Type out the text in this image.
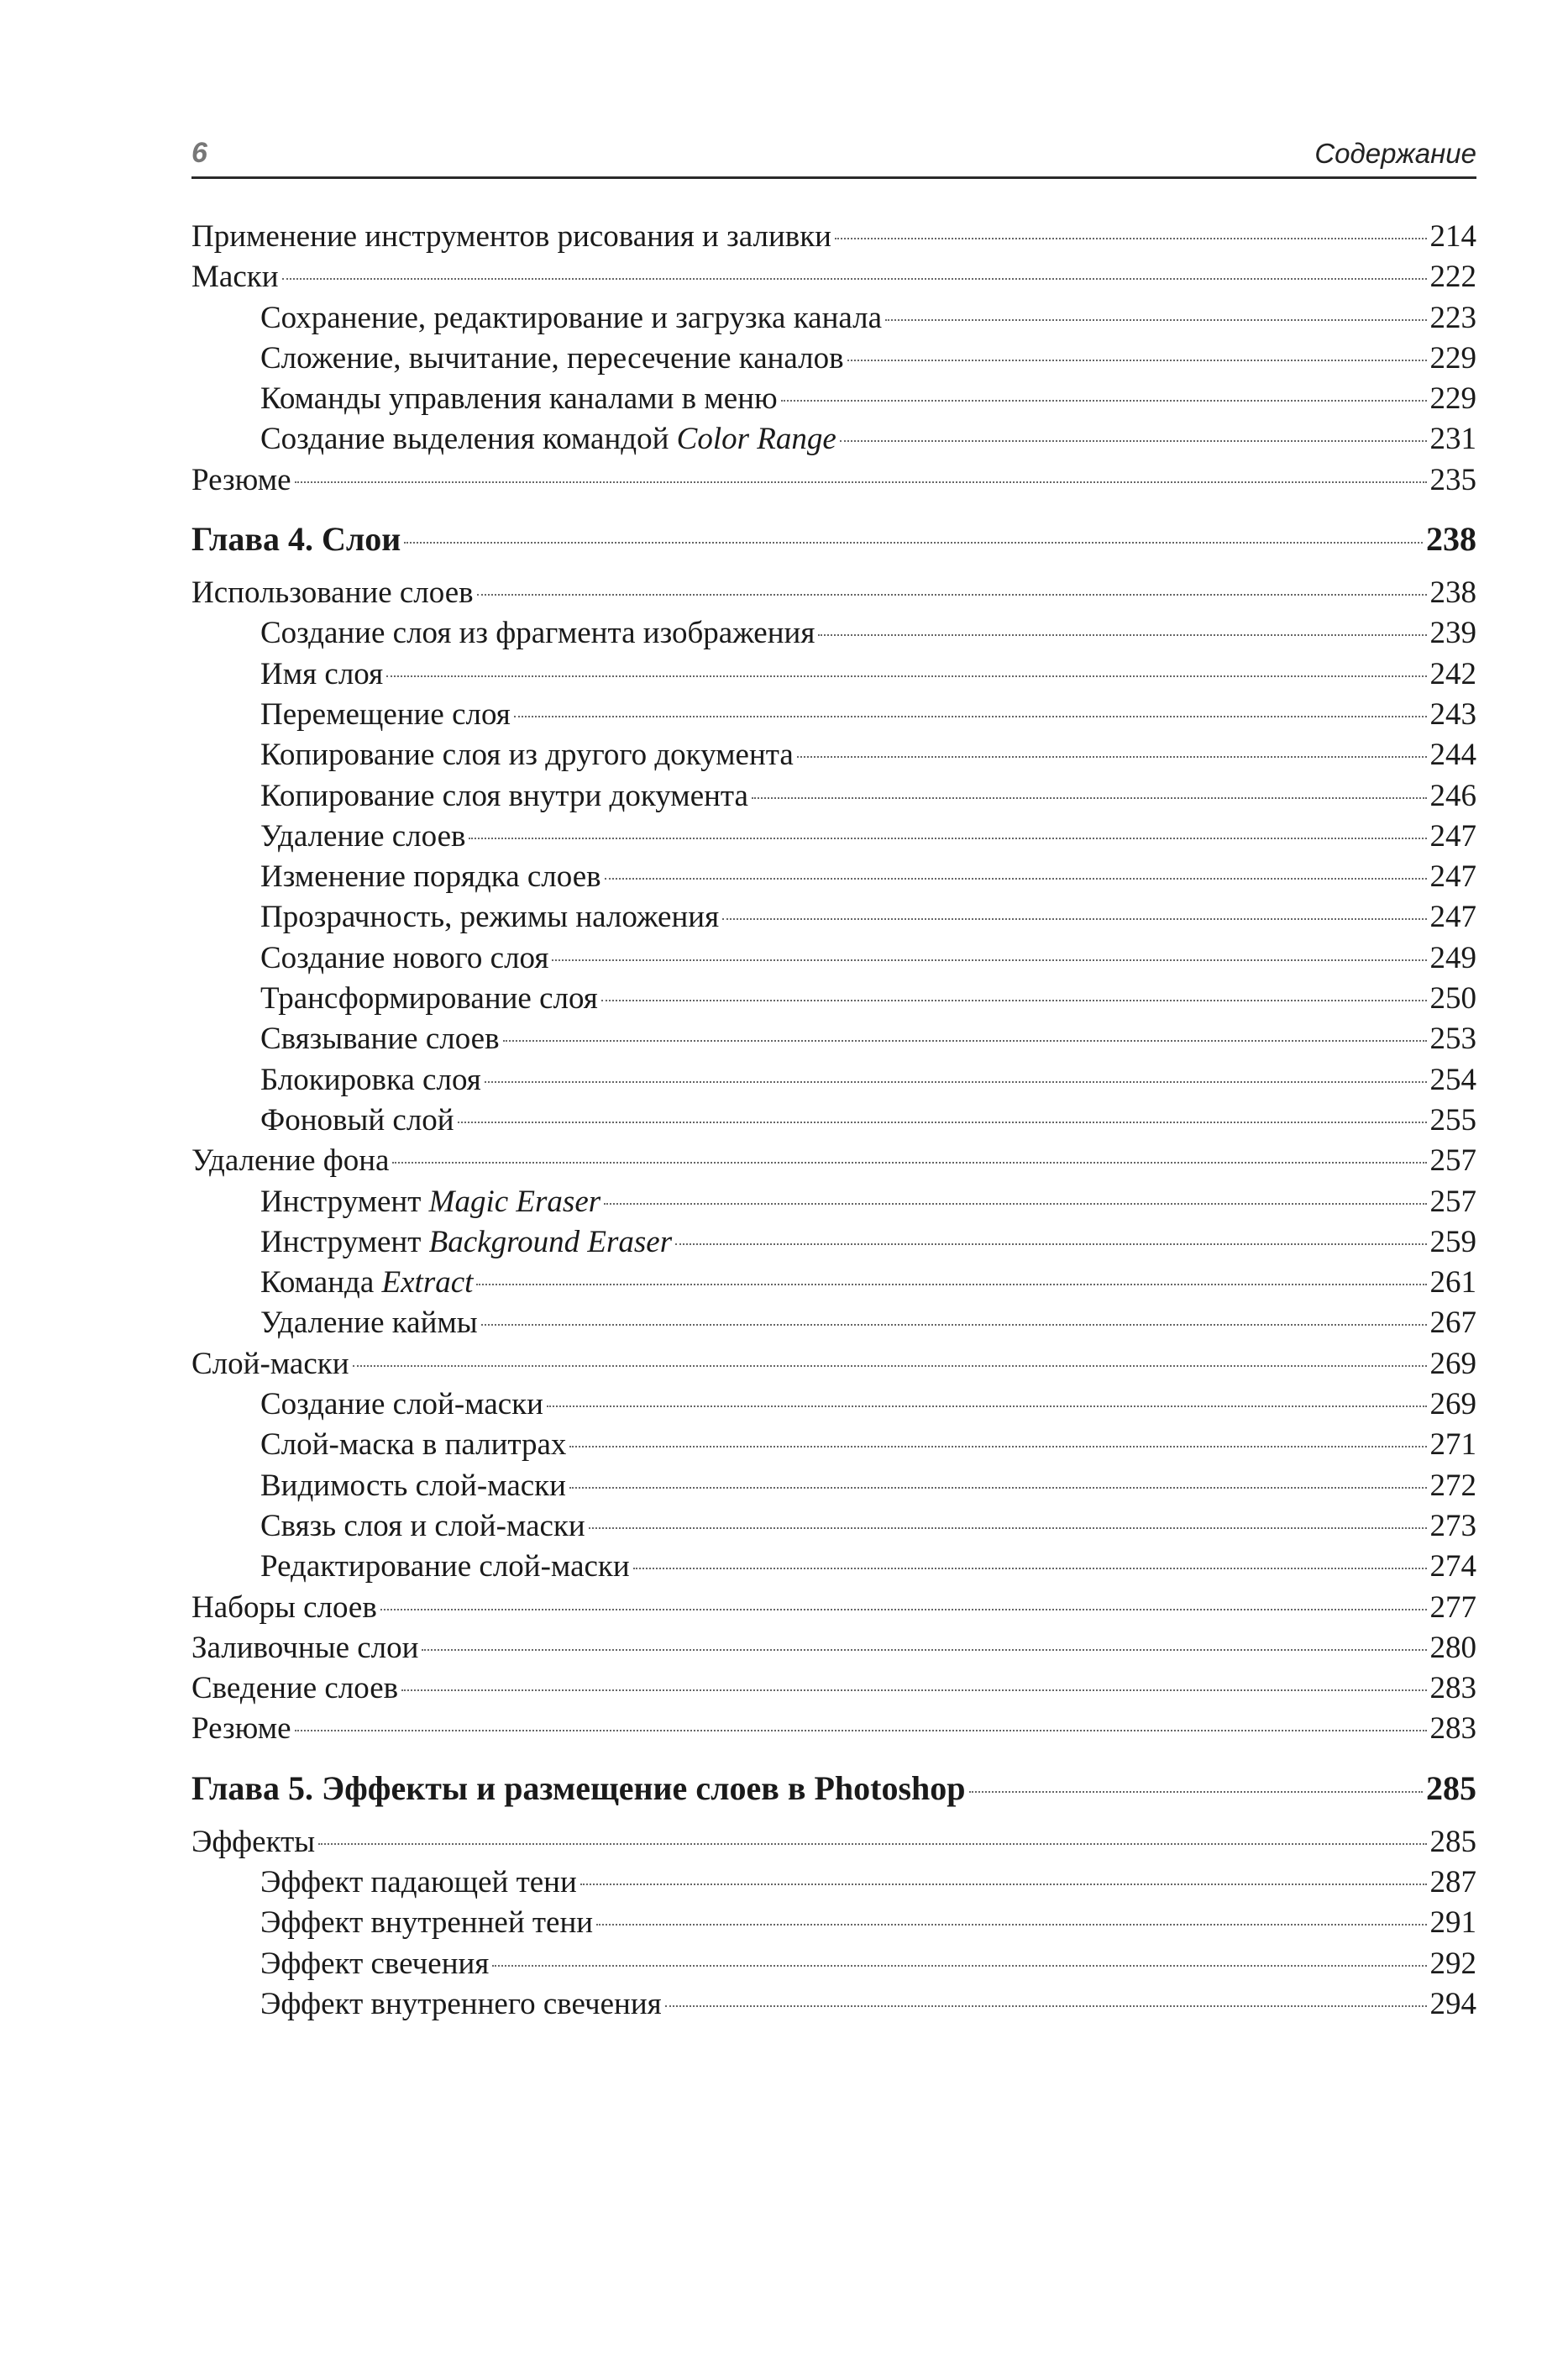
6	Содержание
Применение инструментов рисования и заливки	214
Маски	222
Сохранение, редактирование и загрузка канала	223
Сложение, вычитание, пересечение каналов	229
Команды управления каналами в меню	229
Создание выделения командой Color Range	231
Резюме	235
Глава 4. Слои	238
Использование слоев	238
Создание слоя из фрагмента изображения	239
Имя слоя	242
Перемещение слоя	243
Копирование слоя из другого документа	244
Копирование слоя внутри документа	246
Удаление слоев	247
Изменение порядка слоев	247
Прозрачность, режимы наложения	247
Создание нового слоя	249
Трансформирование слоя	250
Связывание слоев	253
Блокировка слоя	254
Фоновый слой	255
Удаление фона	257
Инструмент Magic Eraser	257
Инструмент Background Eraser	259
Команда Extract	261
Удаление каймы	267
Слой-маски	269
Создание слой-маски	269
Слой-маска в палитрах	271
Видимость слой-маски	272
Связь слоя и слой-маски	273
Редактирование слой-маски	274
Наборы слоев	277
Заливочные слои	280
Сведение слоев	283
Резюме	283
Глава 5. Эффекты и размещение слоев в Photoshop	285
Эффекты	285
Эффект падающей тени	287
Эффект внутренней тени	291
Эффект свечения	292
Эффект внутреннего свечения	294
